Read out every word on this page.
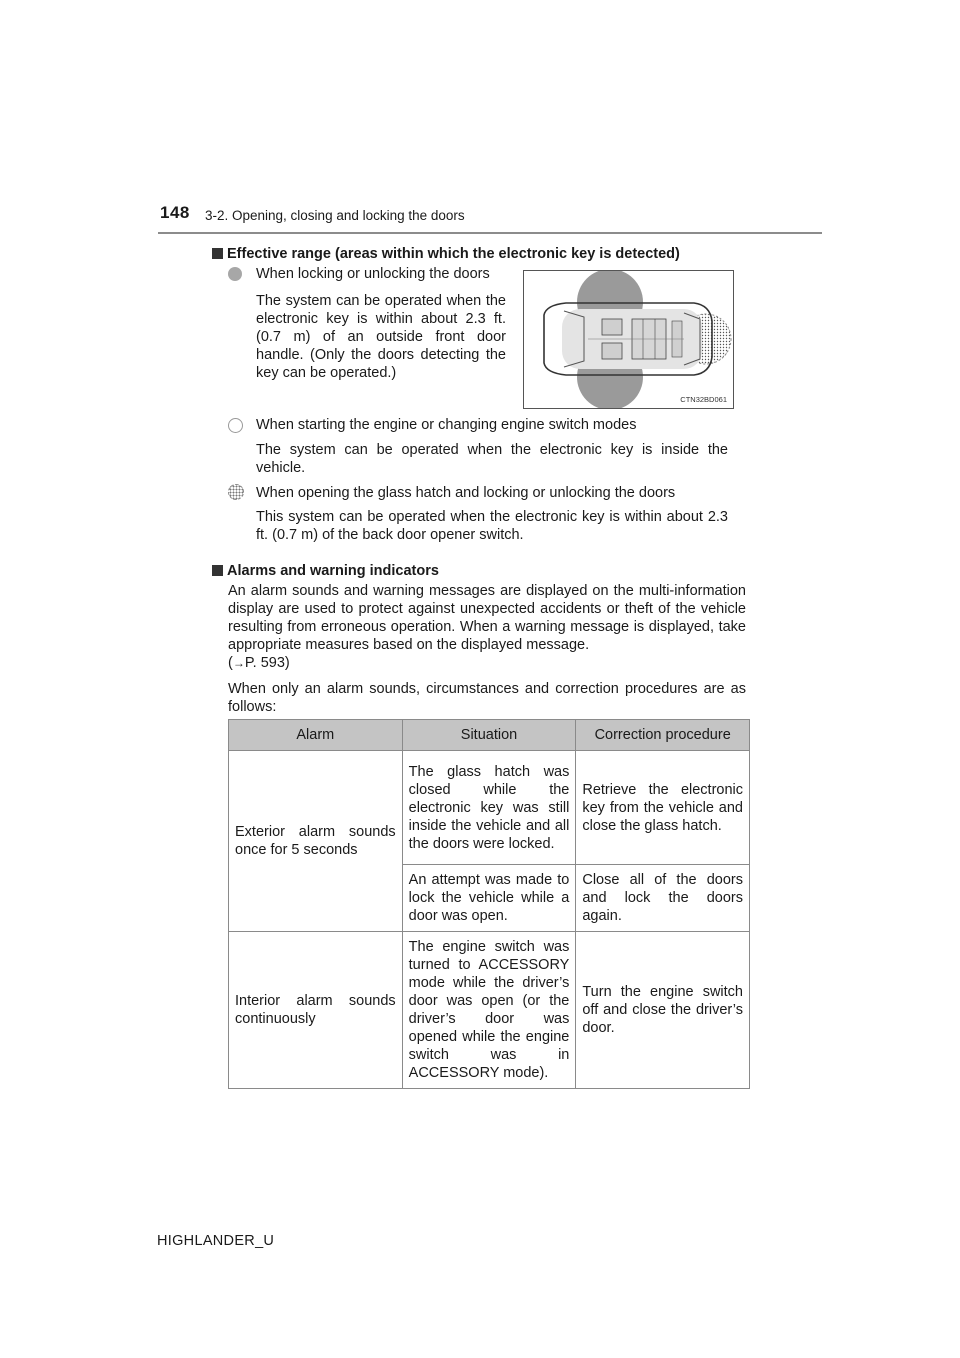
148 3-2. Opening, closing and locking the doors
Effective range (areas within which the electronic key is detected)
When locking or unlocking the doors
The system can be operated when the electronic key is within about 2.3 ft. (0.7 m) of an outside front door handle. (Only the doors detecting the key can be operated.)
CTN32BD061
When starting the engine or changing engine switch modes
The system can be operated when the electronic key is inside the vehicle.
When opening the glass hatch and locking or unlocking the doors
This system can be operated when the electronic key is within about 2.3 ft. (0.7 m) of the back door opener switch.
Alarms and warning indicators
An alarm sounds and warning messages are displayed on the multi-information display are used to protect against unexpected accidents or theft of the vehicle resulting from erroneous operation. When a warning message is displayed, take appropriate measures based on the displayed message.
(→P. 593)
When only an alarm sounds, circumstances and correction procedures are as follows:
Alarm	Situation	Correction procedure
Exterior alarm sounds once for 5 seconds	The glass hatch was closed while the electronic key was still inside the vehicle and all the doors were locked.	Retrieve the electronic key from the vehicle and close the glass hatch.
	An attempt was made to lock the vehicle while a door was open.	Close all of the doors and lock the doors again.
Interior alarm sounds continuously	The engine switch was turned to ACCESSORY mode while the driver’s door was open (or the driver’s door was opened while the engine switch was in ACCESSORY mode).	Turn the engine switch off and close the driver’s door.
HIGHLANDER_U
